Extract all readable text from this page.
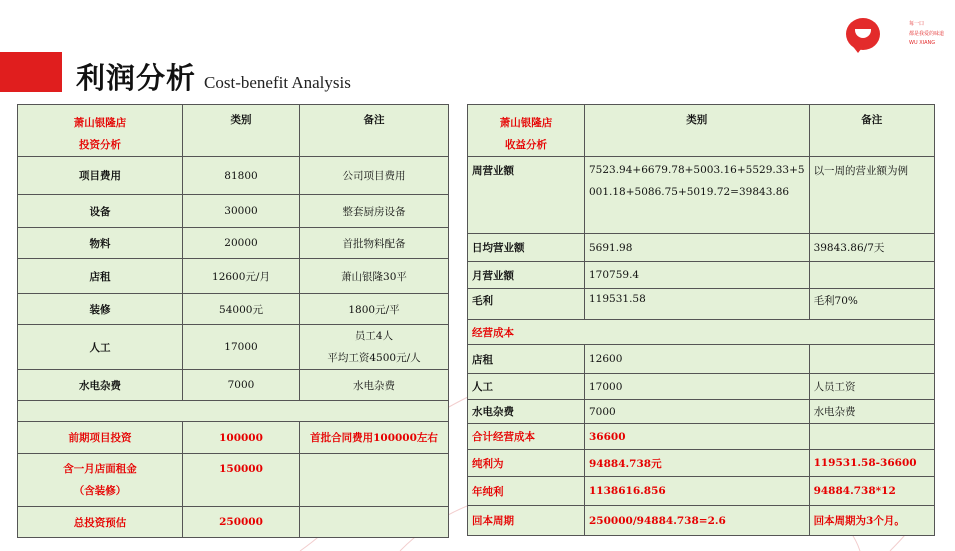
利润分析 Cost-benefit Analysis
每一口
都是我爱的味道
WU XIANG
萧山银隆店
投资分析	类别	备注
项目费用	81800	公司项目费用
设备	30000	整套厨房设备
物料	20000	首批物料配备
店租	12600元/月	萧山银隆30平
装修	54000元	1800元/平
人工	17000	员工4人
平均工资4500元/人

水电杂费	7000	水电杂费

前期项目投资	100000	首批合同费用100000左右

含一月店面租金
（含装修）	150000	
总投资预估	250000	
萧山银隆店
收益分析	类别	备注
周营业额	7523.94+6679.78+5003.16+5529.33+5
001.18+5086.75+5019.72=39843.86	以一周的营业额为例
日均营业额	5691.98	39843.86/7天
月营业额	170759.4	
毛利	119531.58	毛利70%
经营成本		
店租	12600	
人工	17000	人员工资
水电杂费	7000	水电杂费
合计经营成本	36600	
纯利为	94884.738元	119531.58-36600
年纯利	1138616.856	94884.738*12
回本周期	250000/94884.738=2.6	回本周期为3个月。
